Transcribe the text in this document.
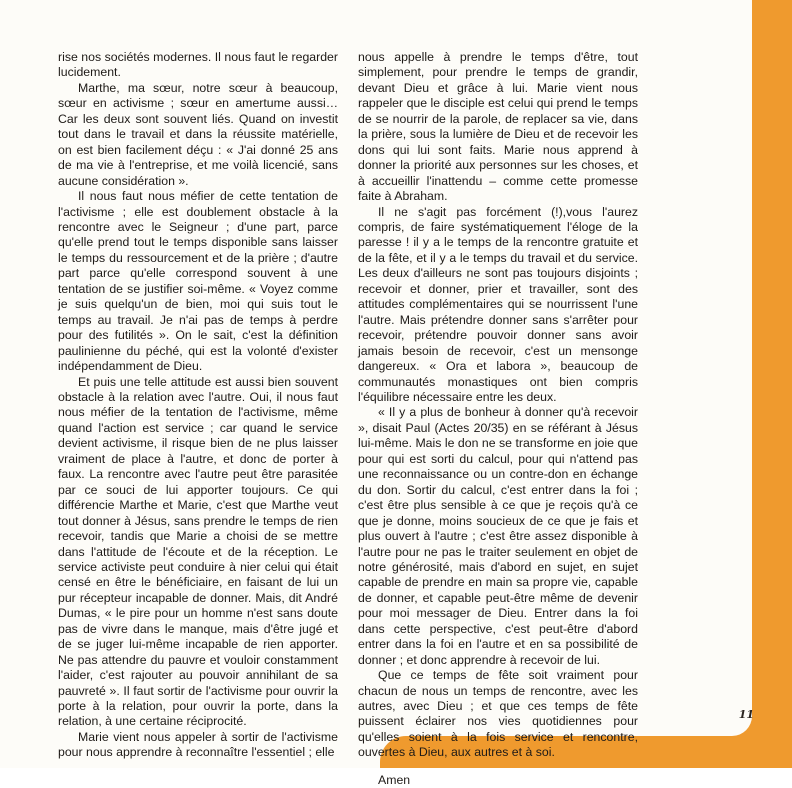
rise nos sociétés modernes. Il nous faut le regarder lucidement.

Marthe, ma sœur, notre sœur à beaucoup, sœur en activisme ; sœur en amertume aussi… Car les deux sont souvent liés. Quand on investit tout dans le travail et dans la réussite matérielle, on est bien facilement déçu : « J'ai donné 25 ans de ma vie à l'entreprise, et me voilà licencié, sans aucune considération ».

Il nous faut nous méfier de cette tentation de l'activisme ; elle est doublement obstacle à la rencontre avec le Seigneur ; d'une part, parce qu'elle prend tout le temps disponible sans laisser le temps du ressourcement et de la prière ; d'autre part parce qu'elle correspond souvent à une tentation de se justifier soi-même. « Voyez comme je suis quelqu'un de bien, moi qui suis tout le temps au travail. Je n'ai pas de temps à perdre pour des futilités ». On le sait, c'est la définition paulinienne du péché, qui est la volonté d'exister indépendamment de Dieu.

Et puis une telle attitude est aussi bien souvent obstacle à la relation avec l'autre. Oui, il nous faut nous méfier de la tentation de l'activisme, même quand l'action est service ; car quand le service devient activisme, il risque bien de ne plus laisser vraiment de place à l'autre, et donc de porter à faux. La rencontre avec l'autre peut être parasitée par ce souci de lui apporter toujours. Ce qui différencie Marthe et Marie, c'est que Marthe veut tout donner à Jésus, sans prendre le temps de rien recevoir, tandis que Marie a choisi de se mettre dans l'attitude de l'écoute et de la réception. Le service activiste peut conduire à nier celui qui était censé en être le bénéficiaire, en faisant de lui un pur récepteur incapable de donner. Mais, dit André Dumas, « le pire pour un homme n'est sans doute pas de vivre dans le manque, mais d'être jugé et de se juger lui-même incapable de rien apporter. Ne pas attendre du pauvre et vouloir constamment l'aider, c'est rajouter au pouvoir annihilant de sa pauvreté ». Il faut sortir de l'activisme pour ouvrir la porte à la relation, pour ouvrir la porte, dans la relation, à une certaine réciprocité.

Marie vient nous appeler à sortir de l'activisme pour nous apprendre à reconnaître l'essentiel ; elle

nous appelle à prendre le temps d'être, tout simplement, pour prendre le temps de grandir, devant Dieu et grâce à lui. Marie vient nous rappeler que le disciple est celui qui prend le temps de se nourrir de la parole, de replacer sa vie, dans la prière, sous la lumière de Dieu et de recevoir les dons qui lui sont faits. Marie nous apprend à donner la priorité aux personnes sur les choses, et à accueillir l'inattendu – comme cette promesse faite à Abraham.

Il ne s'agit pas forcément (!),vous l'aurez compris, de faire systématiquement l'éloge de la paresse ! il y a le temps de la rencontre gratuite et de la fête, et il y a le temps du travail et du service. Les deux d'ailleurs ne sont pas toujours disjoints ; recevoir et donner, prier et travailler, sont des attitudes complémentaires qui se nourrissent l'une l'autre. Mais prétendre donner sans s'arrêter pour recevoir, prétendre pouvoir donner sans avoir jamais besoin de recevoir, c'est un mensonge dangereux. « Ora et labora », beaucoup de communautés monastiques ont bien compris l'équilibre nécessaire entre les deux.

« Il y a plus de bonheur à donner qu'à recevoir », disait Paul (Actes 20/35) en se référant à Jésus lui-même. Mais le don ne se transforme en joie que pour qui est sorti du calcul, pour qui n'attend pas une reconnaissance ou un contre-don en échange du don. Sortir du calcul, c'est entrer dans la foi ; c'est être plus sensible à ce que je reçois qu'à ce que je donne, moins soucieux de ce que je fais et plus ouvert à l'autre ; c'est être assez disponible à l'autre pour ne pas le traiter seulement en objet de notre générosité, mais d'abord en sujet, en sujet capable de prendre en main sa propre vie, capable de donner, et capable peut-être même de devenir pour moi messager de Dieu. Entrer dans la foi dans cette perspective, c'est peut-être d'abord entrer dans la foi en l'autre et en sa possibilité de donner ; et donc apprendre à recevoir de lui.

Que ce temps de fête soit vraiment pour chacun de nous un temps de rencontre, avec les autres, avec Dieu ; et que ces temps de fête puissent éclairer nos vies quotidiennes pour qu'elles soient à la fois service et rencontre, ouvertes à Dieu, aux autres et à soi.

Amen

11
